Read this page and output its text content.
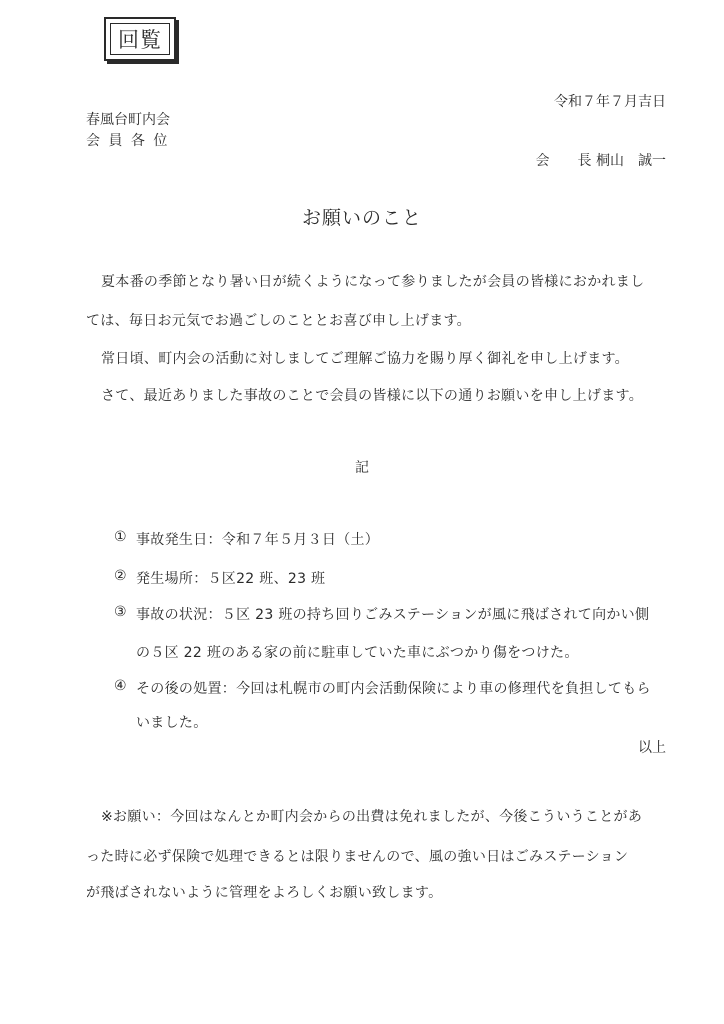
回覧
令和７年７月吉日
春風台町内会
会 員 各 位
会　　長 桐山　誠一
お願いのこと
夏本番の季節となり暑い日が続くようになって参りましたが会員の皆様におかれまし
ては、毎日お元気でお過ごしのこととお喜び申し上げます。
常日頃、町内会の活動に対しましてご理解ご協力を賜り厚く御礼を申し上げます。
さて、最近ありました事故のことで会員の皆様に以下の通りお願いを申し上げます。
記
① 事故発生日：令和７年５月３日（土）
② 発生場所：５区22 班、23 班
③ 事故の状況：５区 23 班の持ち回りごみステーションが風に飛ばされて向かい側
の５区 22 班のある家の前に駐車していた車にぶつかり傷をつけた。
④ その後の処置：今回は札幌市の町内会活動保険により車の修理代を負担してもら
いました。
以上
※お願い：今回はなんとか町内会からの出費は免れましたが、今後こういうことがあ
った時に必ず保険で処理できるとは限りませんので、風の強い日はごみステーション
が飛ばされないように管理をよろしくお願い致します。
